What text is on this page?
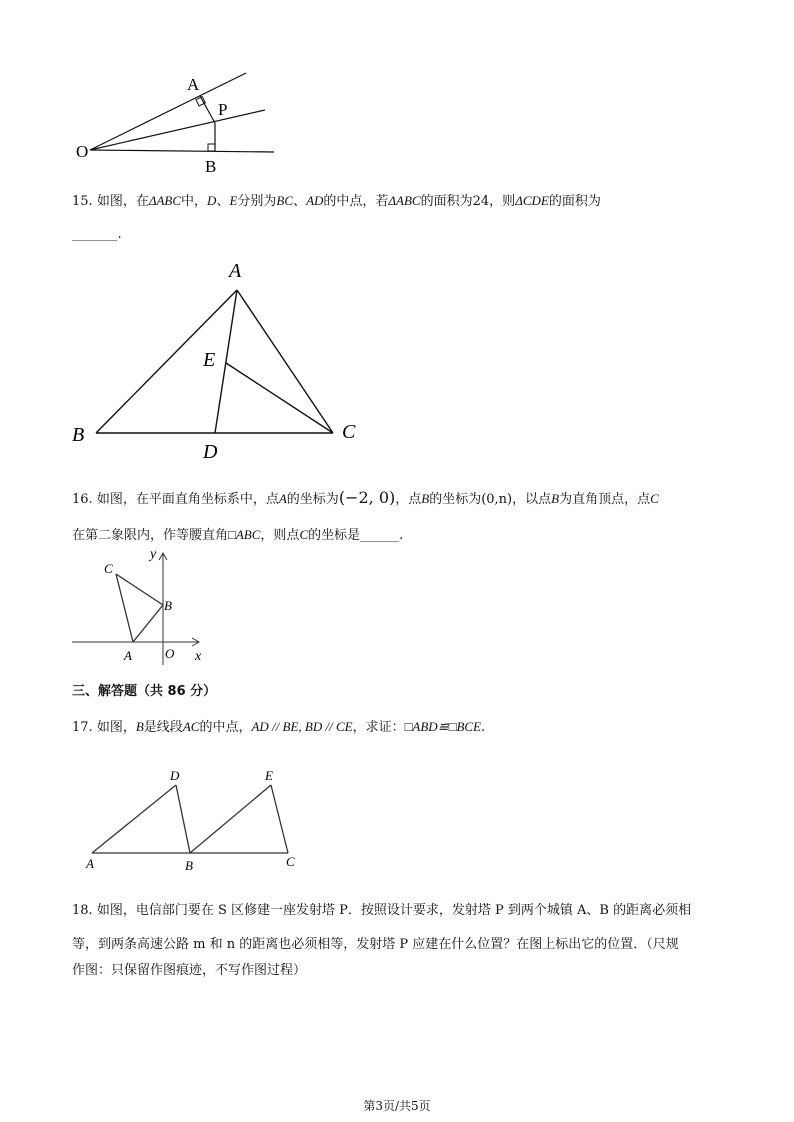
O
A
P
B
15. 如图，在ΔABC中，D、E分别为BC、AD的中点，若ΔABC的面积为24，则ΔCDE的面积为
_______.
A
E
B	C
D
16. 如图，在平面直角坐标系中，点A的坐标为(−2, 0)，点B的坐标为(0,n)，以点B为直角顶点，点C
在第二象限内，作等腰直角□ABC，则点C的坐标是______.
y
x
O
A
B
C
三、解答题（共 86 分）
17. 如图，B是线段AC的中点，AD // BE, BD // CE，求证：□ABD≌□BCE.
D	E
A	B	C
18. 如图，电信部门要在 S 区修建一座发射塔 P．按照设计要求，发射塔 P 到两个城镇 A、B 的距离必须相
等，到两条高速公路 m 和 n 的距离也必须相等，发射塔 P 应建在什么位置？在图上标出它的位置．（尺规
作图：只保留作图痕迹，不写作图过程）
第3页/共5页
